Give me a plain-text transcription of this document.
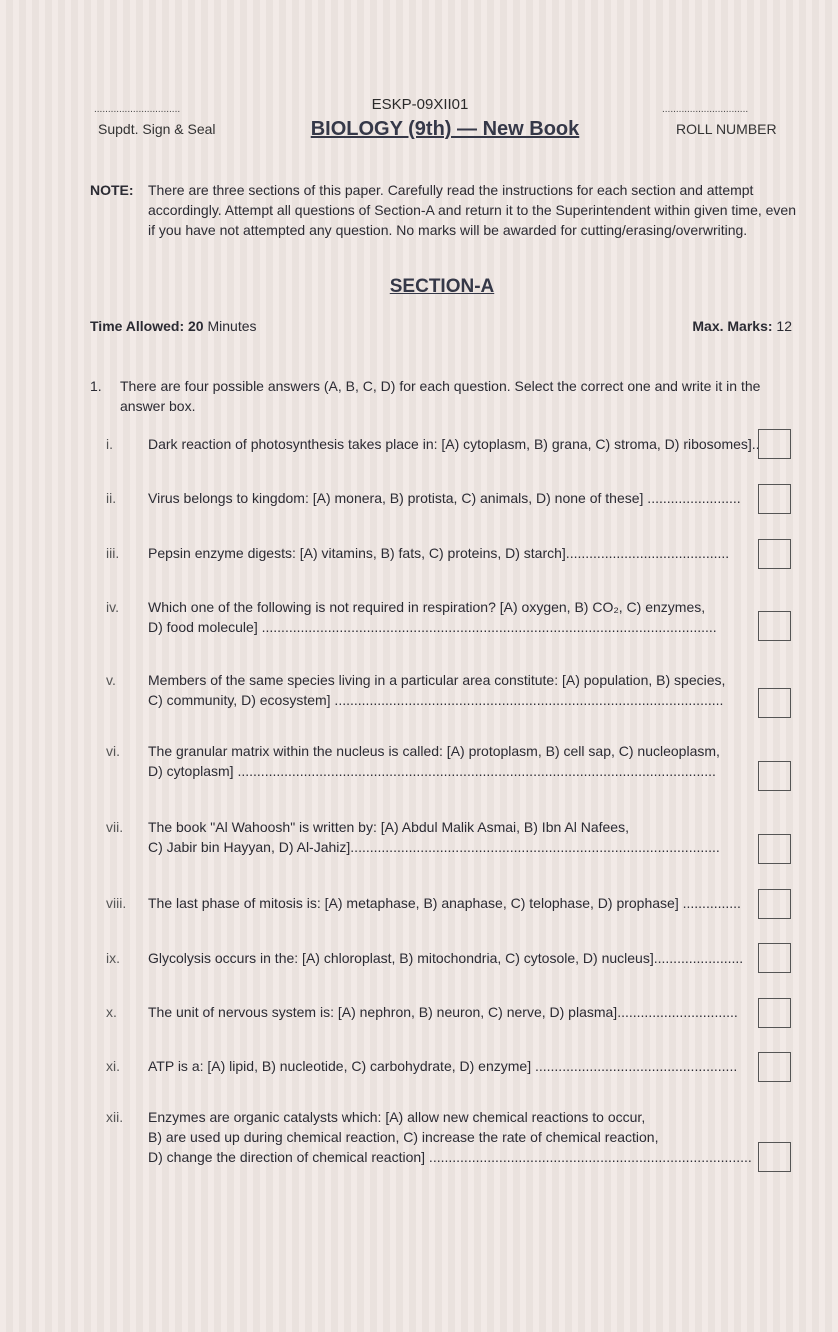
...............................
Supdt. Sign & Seal
ESKP-09XII01
BIOLOGY (9th) — New Book
...............................
ROLL NUMBER
NOTE: There are three sections of this paper. Carefully read the instructions for each section and attempt accordingly. Attempt all questions of Section-A and return it to the Superintendent within given time, even if you have not attempted any question. No marks will be awarded for cutting/erasing/overwriting.
SECTION-A
Time Allowed: 20 Minutes	Max. Marks: 12
1. There are four possible answers (A, B, C, D) for each question. Select the correct one and write it in the answer box.
i.	Dark reaction of photosynthesis takes place in: [A) cytoplasm, B) grana, C) stroma, D) ribosomes]..
ii.	Virus belongs to kingdom: [A) monera, B) protista, C) animals, D) none of these] ........................
iii.	Pepsin enzyme digests: [A) vitamins, B) fats, C) proteins, D) starch]..........................................
iv.	Which one of the following is not required in respiration? [A) oxygen, B) CO₂, C) enzymes,
D) food molecule] .....................................................................................................................
v.	Members of the same species living in a particular area constitute: [A) population, B) species,
C) community, D) ecosystem] ....................................................................................................
vi.	The granular matrix within the nucleus is called: [A) protoplasm, B) cell sap, C) nucleoplasm,
D) cytoplasm] ...........................................................................................................................
vii.	The book "Al Wahoosh" is written by: [A) Abdul Malik Asmai, B) Ibn Al Nafees,
C) Jabir bin Hayyan, D) Al-Jahiz]...............................................................................................
viii.	The last phase of mitosis is: [A) metaphase, B) anaphase, C) telophase, D) prophase] ...............
ix.	Glycolysis occurs in the: [A) chloroplast, B) mitochondria, C) cytosole, D) nucleus].......................
x.	The unit of nervous system is: [A) nephron, B) neuron, C) nerve, D) plasma]...............................
xi.	ATP is a: [A) lipid, B) nucleotide, C) carbohydrate, D) enzyme] ....................................................
xii.	Enzymes are organic catalysts which: [A) allow new chemical reactions to occur,
B) are used up during chemical reaction, C) increase the rate of chemical reaction,
D) change the direction of chemical reaction] ...................................................................................
